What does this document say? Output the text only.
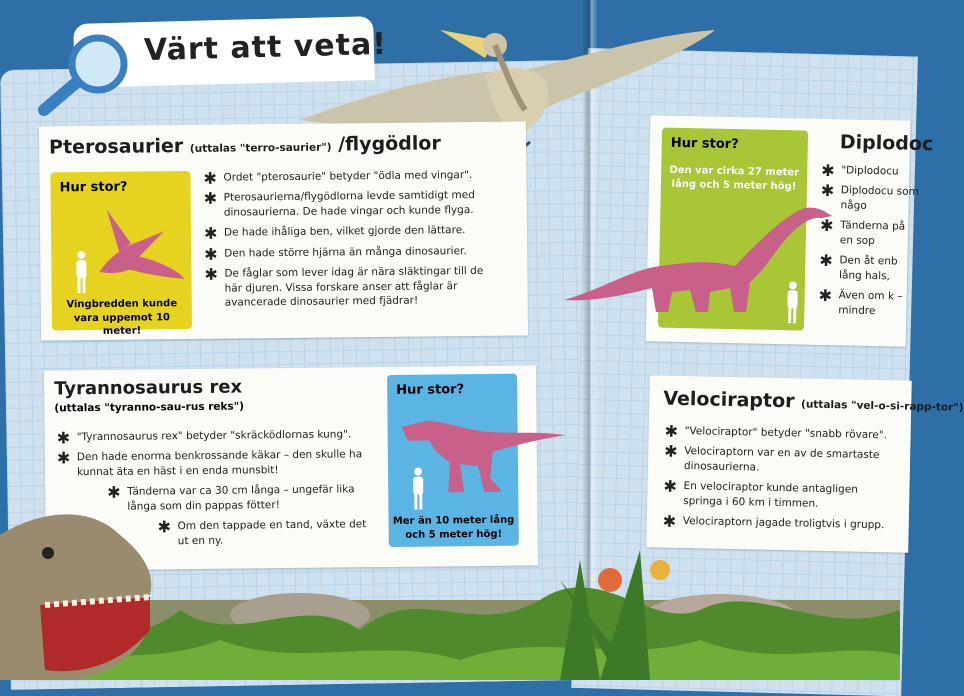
Värt att veta!
Pterosaurier (uttalas "terro-saurier") /flygödlor
Hur stor?
Vingbredden kunde vara uppemot 10 meter!
✱ Ordet "pterosaurie" betyder "ödla med vingar".
✱ Pterosaurierna/flygödlorna levde samtidigt med dinosaurierna. De hade vingar och kunde flyga.
✱ De hade ihåliga ben, vilket gjorde den lättare.
✱ Den hade större hjärna än många dinosaurier.
✱ De fåglar som lever idag är nära släktingar till de här djuren. Vissa forskare anser att fåglar är avancerade dinosaurier med fjädrar!
Tyrannosaurus rex
(uttalas "tyranno-sau-rus reks")
✱ "Tyrannosaurus rex" betyder "skräcködlornas kung".
✱ Den hade enorma benkrossande käkar – den skulle ha kunnat äta en häst i en enda munsbit!
✱ Tänderna var ca 30 cm långa – ungefär lika långa som din pappas fötter!
✱ Om den tappade en tand, växte det ut en ny.
Hur stor?
Mer än 10 meter lång och 5 meter hög!
Hur stor?
Den var cirka 27 meter lång och 5 meter hög!
Diplodoc
✱ "Diplodocu
✱ Diplodocu som någo
✱ Tänderna på en sop
✱ Den åt enb lång hals,
✱ Även om k – mindre
Velociraptor (uttalas "vel-o-si-rapp-tor")
✱ "Velociraptor" betyder "snabb rövare".
✱ Velociraptorn var en av de smartaste dinosaurierna.
✱ En velociraptor kunde antagligen springa i 60 km i timmen.
✱ Velociraptorn jagade troligtvis i grupp.
